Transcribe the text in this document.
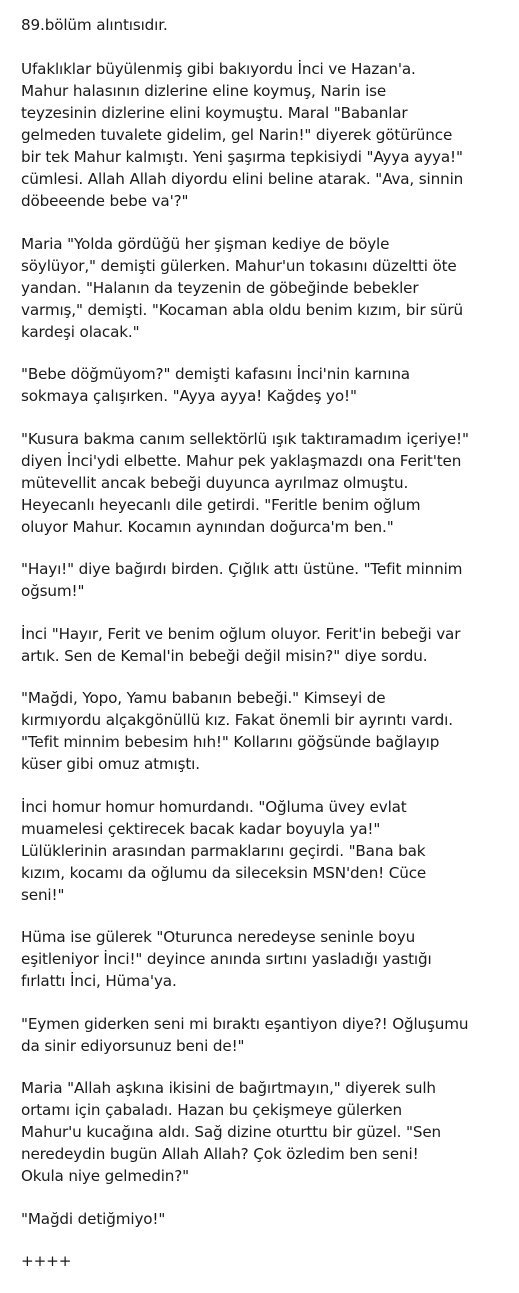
89.bölüm alıntısıdır.

Ufaklıklar büyülenmiş gibi bakıyordu İnci ve Hazan'a.
Mahur halasının dizlerine eline koymuş, Narin ise
teyzesinin dizlerine elini koymuştu. Maral "Babanlar
gelmeden tuvalete gidelim, gel Narin!" diyerek götürünce
bir tek Mahur kalmıştı. Yeni şaşırma tepkisiydi "Ayya ayya!"
cümlesi. Allah Allah diyordu elini beline atarak. "Ava, sinnin
döbeeende bebe va'?"

Maria "Yolda gördüğü her şişman kediye de böyle
söylüyor," demişti gülerken. Mahur'un tokasını düzeltti öte
yandan. "Halanın da teyzenin de göbeğinde bebekler
varmış," demişti. "Kocaman abla oldu benim kızım, bir sürü
kardeşi olacak."

"Bebe döğmüyom?" demişti kafasını İnci'nin karnına
sokmaya çalışırken. "Ayya ayya! Kağdeş yo!"

"Kusura bakma canım sellektörlü ışık taktıramadım içeriye!"
diyen İnci'ydi elbette. Mahur pek yaklaşmazdı ona Ferit'ten
mütevellit ancak bebeği duyunca ayrılmaz olmuştu.
Heyecanlı heyecanlı dile getirdi. "Feritle benim oğlum
oluyor Mahur. Kocamın aynından doğurca'm ben."

"Hayı!" diye bağırdı birden. Çığlık attı üstüne. "Tefit minnim
oğsum!"

İnci "Hayır, Ferit ve benim oğlum oluyor. Ferit'in bebeği var
artık. Sen de Kemal'in bebeği değil misin?" diye sordu.

"Mağdi, Yopo, Yamu babanın bebeği." Kimseyi de
kırmıyordu alçakgönüllü kız. Fakat önemli bir ayrıntı vardı.
"Tefit minnim bebesim hıh!" Kollarını göğsünde bağlayıp
küser gibi omuz atmıştı.

İnci homur homur homurdandı. "Oğluma üvey evlat
muamelesi çektirecek bacak kadar boyuyla ya!"
Lülüklerinin arasından parmaklarını geçirdi. "Bana bak
kızım, kocamı da oğlumu da sileceksin MSN'den! Cüce
seni!"

Hüma ise gülerek "Oturunca neredeyse seninle boyu
eşitleniyor İnci!" deyince anında sırtını yasladığı yastığı
fırlattı İnci, Hüma'ya.

"Eymen giderken seni mi bıraktı eşantiyon diye?! Oğluşumu
da sinir ediyorsunuz beni de!"

Maria "Allah aşkına ikisini de bağırtmayın," diyerek sulh
ortamı için çabaladı. Hazan bu çekişmeye gülerken
Mahur'u kucağına aldı. Sağ dizine oturttu bir güzel. "Sen
neredeydin bugün Allah Allah? Çok özledim ben seni!
Okula niye gelmedin?"

"Mağdi detiğmiyo!"

++++
